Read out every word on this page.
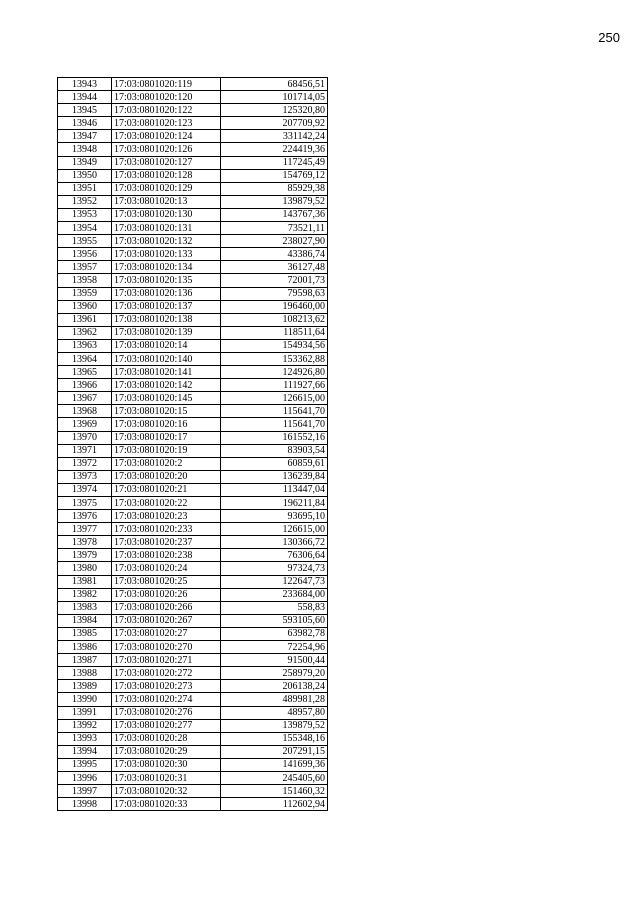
250
13943	17:03:0801020:119	68456,51
13944	17:03:0801020:120	101714,05
13945	17:03:0801020:122	125320,80
13946	17:03:0801020:123	207709,92
13947	17:03:0801020:124	331142,24
13948	17:03:0801020:126	224419,36
13949	17:03:0801020:127	117245,49
13950	17:03:0801020:128	154769,12
13951	17:03:0801020:129	85929,38
13952	17:03:0801020:13	139879,52
13953	17:03:0801020:130	143767,36
13954	17:03:0801020:131	73521,11
13955	17:03:0801020:132	238027,90
13956	17:03:0801020:133	43386,74
13957	17:03:0801020:134	36127,48
13958	17:03:0801020:135	72001,73
13959	17:03:0801020:136	79598,63
13960	17:03:0801020:137	196460,00
13961	17:03:0801020:138	108213,62
13962	17:03:0801020:139	118511,64
13963	17:03:0801020:14	154934,56
13964	17:03:0801020:140	153362,88
13965	17:03:0801020:141	124926,80
13966	17:03:0801020:142	111927,66
13967	17:03:0801020:145	126615,00
13968	17:03:0801020:15	115641,70
13969	17:03:0801020:16	115641,70
13970	17:03:0801020:17	161552,16
13971	17:03:0801020:19	83903,54
13972	17:03:0801020:2	60859,61
13973	17:03:0801020:20	136239,84
13974	17:03:0801020:21	113447,04
13975	17:03:0801020:22	196211,84
13976	17:03:0801020:23	93695,10
13977	17:03:0801020:233	126615,00
13978	17:03:0801020:237	130366,72
13979	17:03:0801020:238	76306,64
13980	17:03:0801020:24	97324,73
13981	17:03:0801020:25	122647,73
13982	17:03:0801020:26	233684,00
13983	17:03:0801020:266	558,83
13984	17:03:0801020:267	593105,60
13985	17:03:0801020:27	63982,78
13986	17:03:0801020:270	72254,96
13987	17:03:0801020:271	91500,44
13988	17:03:0801020:272	258979,20
13989	17:03:0801020:273	206138,24
13990	17:03:0801020:274	489981,28
13991	17:03:0801020:276	48957,80
13992	17:03:0801020:277	139879,52
13993	17:03:0801020:28	155348,16
13994	17:03:0801020:29	207291,15
13995	17:03:0801020:30	141699,36
13996	17:03:0801020:31	245405,60
13997	17:03:0801020:32	151460,32
13998	17:03:0801020:33	112602,94
